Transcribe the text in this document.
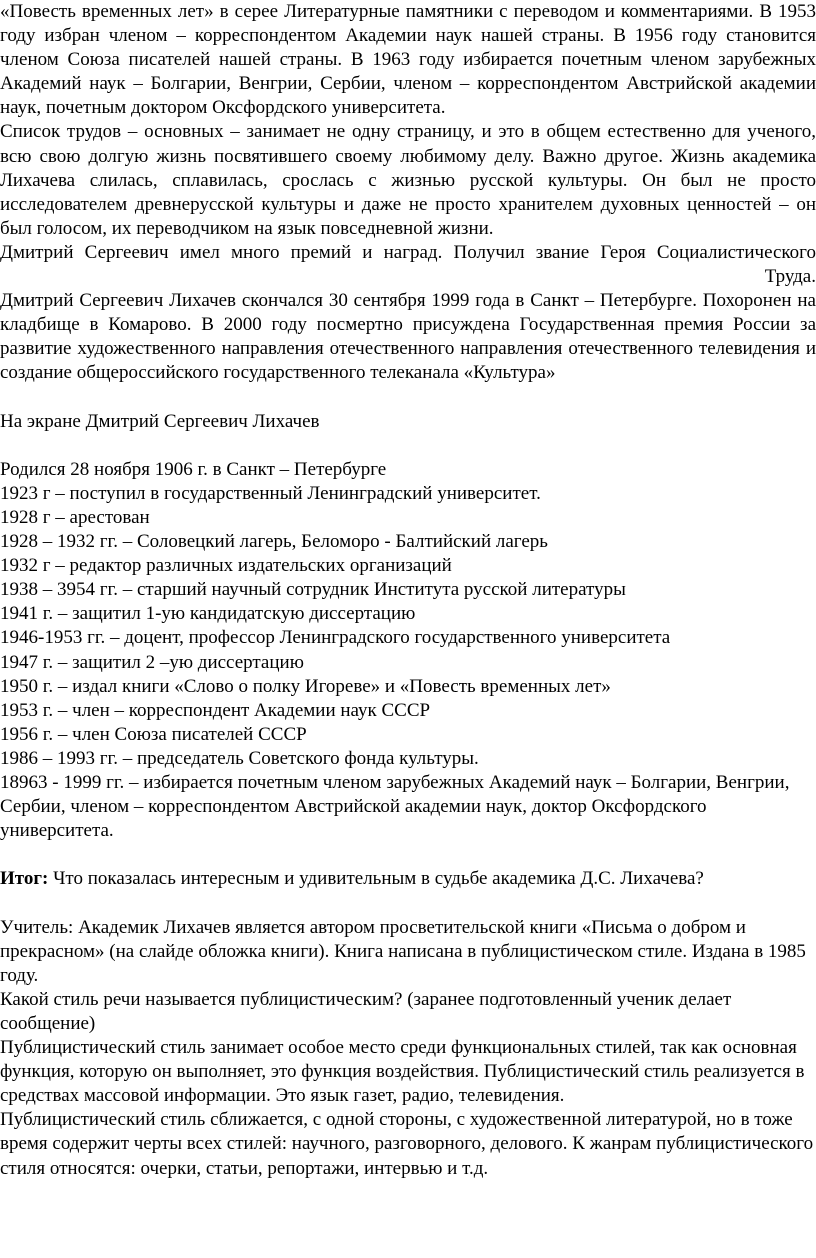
«Повесть временных лет» в серее Литературные памятники с переводом и комментариями. В 1953 году избран членом – корреспондентом Академии наук нашей страны. В 1956 году становится членом Союза писателей нашей страны. В 1963 году избирается почетным членом зарубежных Академий наук – Болгарии, Венгрии, Сербии, членом – корреспондентом Австрийской академии наук, почетным доктором Оксфордского университета.

Список трудов – основных – занимает не одну страницу, и это в общем естественно для ученого, всю свою долгую жизнь посвятившего своему любимому делу. Важно другое. Жизнь академика Лихачева слилась, сплавилась, срослась с жизнью русской культуры. Он был не просто исследователем древнерусской культуры и даже не просто хранителем духовных ценностей – он был голосом, их переводчиком на язык повседневной жизни.

Дмитрий Сергеевич имел много премий и наград. Получил звание Героя Социалистического

Труда.

Дмитрий Сергеевич Лихачев скончался 30 сентября 1999 года в Санкт – Петербурге. Похоронен на кладбище в Комарово. В 2000 году посмертно присуждена Государственная премия России за развитие художественного направления отечественного направления отечественного телевидения и создание общероссийского государственного телеканала «Культура»

На экране Дмитрий Сергеевич Лихачев

Родился 28 ноября 1906 г. в Санкт – Петербурге
1923 г – поступил в государственный Ленинградский университет.
1928 г – арестован
1928 – 1932 гг. – Соловецкий лагерь, Беломоро - Балтийский лагерь
1932 г – редактор различных издательских организаций
1938 – 3954 гг. – старший научный сотрудник Института русской литературы
1941 г. – защитил 1-ую кандидатскую диссертацию
1946-1953 гг. – доцент, профессор Ленинградского государственного университета
1947 г. – защитил 2 –ую диссертацию
1950 г. – издал книги «Слово о полку Игореве» и «Повесть временных лет»
1953 г. – член – корреспондент Академии наук СССР
1956 г. – член Союза писателей СССР
1986 – 1993 гг. – председатель Советского фонда культуры.
18963 - 1999 гг. – избирается почетным членом зарубежных Академий наук – Болгарии, Венгрии, Сербии, членом – корреспондентом Австрийской академии наук, доктор Оксфордского университета.

Итог: Что показалась интересным и удивительным в судьбе академика Д.С. Лихачева?

Учитель: Академик Лихачев является автором просветительской книги «Письма о добром и прекрасном» (на слайде обложка книги). Книга написана в публицистическом стиле. Издана в 1985 году.

Какой стиль речи называется публицистическим? (заранее подготовленный ученик делает сообщение)

Публицистический стиль занимает особое место среди функциональных стилей, так как основная функция, которую он выполняет, это функция воздействия. Публицистический стиль реализуется в средствах массовой информации. Это язык газет, радио, телевидения.

Публицистический стиль сближается, с одной стороны, с художественной литературой, но в тоже время содержит черты всех стилей: научного, разговорного, делового. К жанрам публицистического стиля относятся: очерки, статьи, репортажи, интервью и т.д.
